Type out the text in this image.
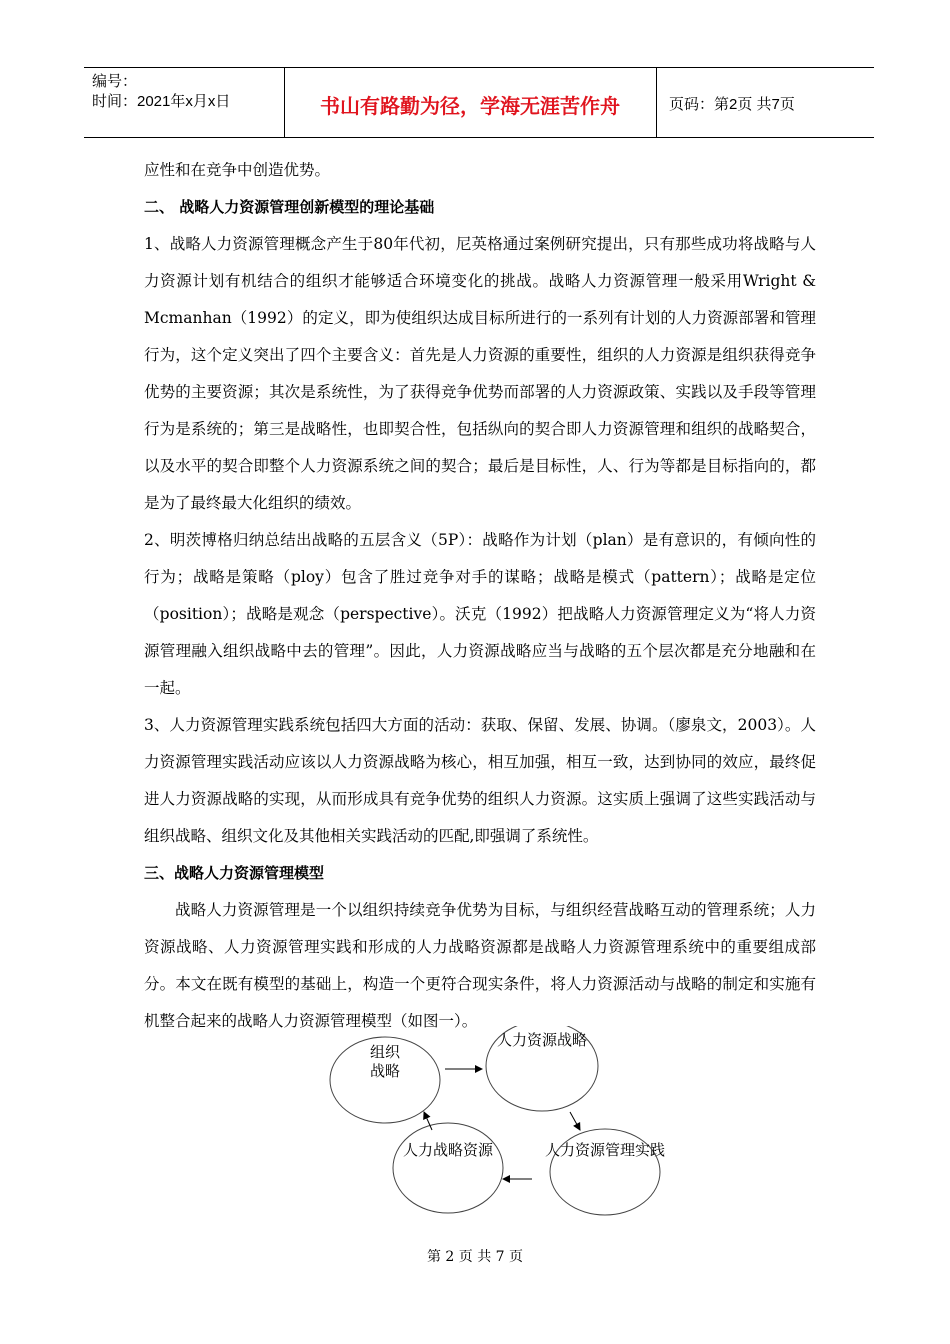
编号：
时间：2021年x月x日	书山有路勤为径，学海无涯苦作舟	页码：第2页 共7页

应性和在竞争中创造优势。

二、 战略人力资源管理创新模型的理论基础

1、战略人力资源管理概念产生于80年代初，尼英格通过案例研究提出，只有那些成功将战略与人力资源计划有机结合的组织才能够适合环境变化的挑战。战略人力资源管理一般采用Wright & Mcmanhan（1992）的定义，即为使组织达成目标所进行的一系列有计划的人力资源部署和管理行为，这个定义突出了四个主要含义：首先是人力资源的重要性，组织的人力资源是组织获得竞争优势的主要资源；其次是系统性，为了获得竞争优势而部署的人力资源政策、实践以及手段等管理行为是系统的；第三是战略性，也即契合性，包括纵向的契合即人力资源管理和组织的战略契合，以及水平的契合即整个人力资源系统之间的契合；最后是目标性，人、行为等都是目标指向的，都是为了最终最大化组织的绩效。

2、明茨博格归纳总结出战略的五层含义（5P）：战略作为计划（plan）是有意识的，有倾向性的行为；战略是策略（ploy）包含了胜过竞争对手的谋略；战略是模式（pattern）；战略是定位（position）；战略是观念（perspective）。沃克（1992）把战略人力资源管理定义为“将人力资源管理融入组织战略中去的管理”。因此，人力资源战略应当与战略的五个层次都是充分地融和在一起。

3、人力资源管理实践系统包括四大方面的活动：获取、保留、发展、协调。（廖泉文，2003）。人力资源管理实践活动应该以人力资源战略为核心，相互加强，相互一致，达到协同的效应，最终促进人力资源战略的实现，从而形成具有竞争优势的组织人力资源。这实质上强调了这些实践活动与组织战略、组织文化及其他相关实践活动的匹配,即强调了系统性。

三、战略人力资源管理模型

战略人力资源管理是一个以组织持续竞争优势为目标，与组织经营战略互动的管理系统；人力资源战略、人力资源管理实践和形成的人力战略资源都是战略人力资源管理系统中的重要组成部分。本文在既有模型的基础上，构造一个更符合现实条件，将人力资源活动与战略的制定和实施有机整合起来的战略人力资源管理模型（如图一）。

组织
战略
人力资源战略
人力资源管理实践
人力战略资源
第 2 页 共 7 页
